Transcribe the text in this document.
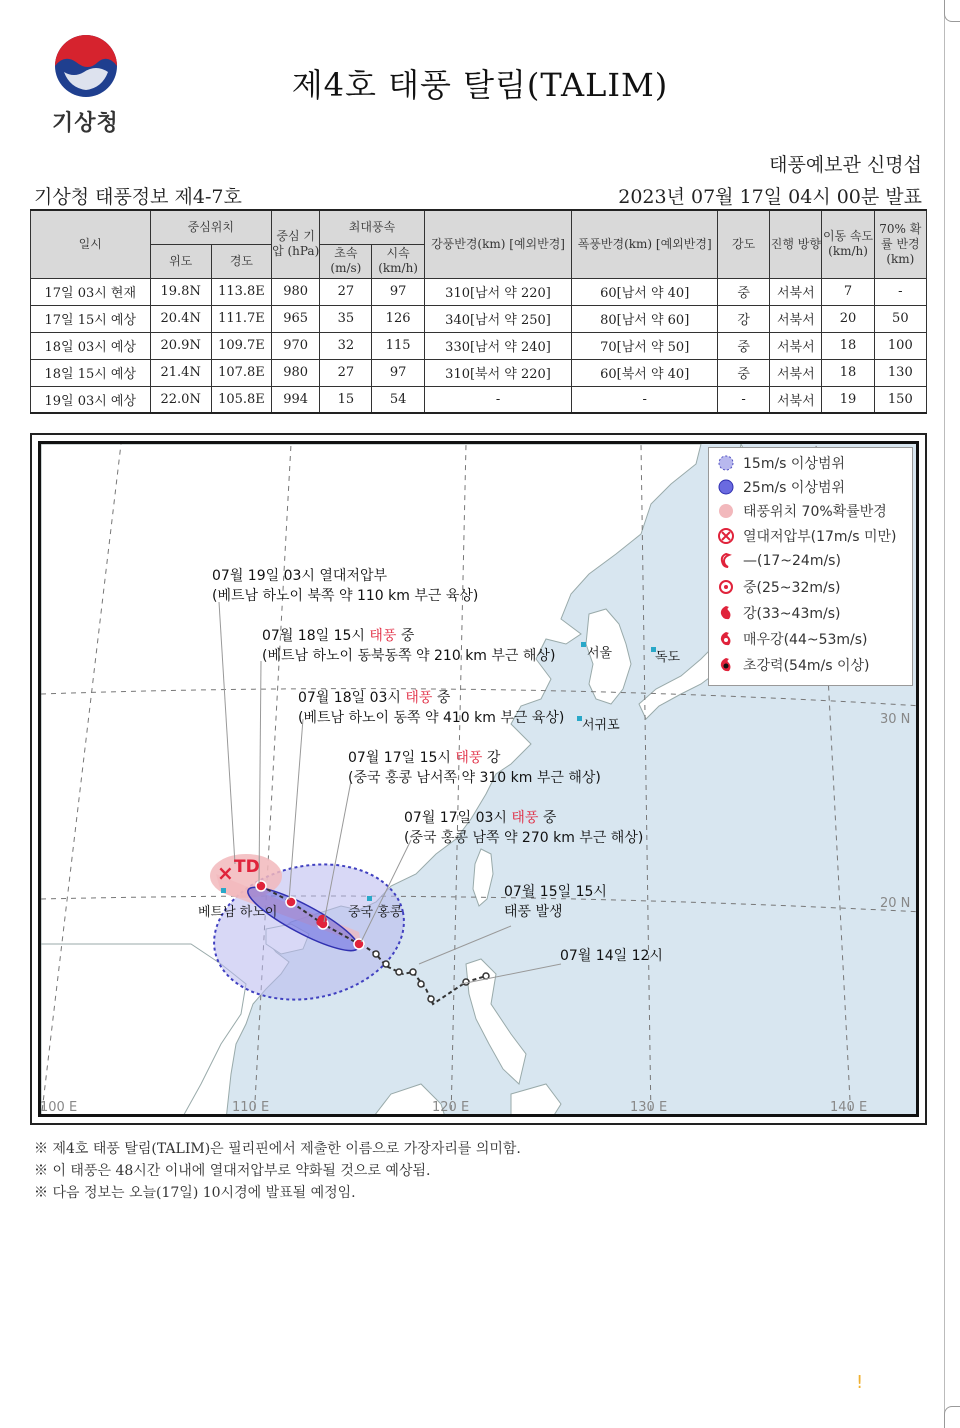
기상청
제4호 태풍 탈림(TALIM)
태풍예보관 신명섭
기상청 태풍정보 제4-7호	2023년 07월 17일 04시 00분 발표
일시	중심위치		중심 기압 (hPa)	최대풍속		강풍반경(km) [예외반경]	폭풍반경(km) [예외반경]	강도	진행 방향	이동 속도 (km/h)	70% 확률 반경 (km)
	위도	경도		초속 (m/s)	시속 (km/h)						
17일 03시 현재	19.8N	113.8E	980	27	97	310[남서 약 220]	60[남서 약 40]	중	서북서	7	-
17일 15시 예상	20.4N	111.7E	965	35	126	340[남서 약 250]	80[남서 약 60]	강	서북서	20	50
18일 03시 예상	20.9N	109.7E	970	32	115	330[남서 약 240]	70[남서 약 50]	중	서북서	18	100
18일 15시 예상	21.4N	107.8E	980	27	97	310[북서 약 220]	60[북서 약 40]	중	서북서	18	130
19일 03시 예상	22.0N	105.8E	994	15	54	-	-	-	서북서	19	150
×
30 N
20 N
100 E	110 E	120 E	130 E	140 E
서울	독도
서귀포
중국 홍콩
베트남 하노이
TD
07월 19일 03시 열대저압부
(베트남 하노이 북쪽 약 110 km 부근 육상)
07월 18일 15시 태풍 중
(베트남 하노이 동북동쪽 약 210 km 부근 해상)
07월 18일 03시 태풍 중
(베트남 하노이 동쪽 약 410 km 부근 육상)
07월 17일 15시 태풍 강
(중국 홍콩 남서쪽 약 310 km 부근 해상)
07월 17일 03시 태풍 중
(중국 홍콩 남쪽 약 270 km 부근 해상)
07월 15일 15시
태풍 발생
07월 14일 12시
15m/s 이상범위
25m/s 이상범위
태풍위치 70%확률반경
열대저압부(17m/s 미만)
—(17~24m/s)
중(25~32m/s)
강(33~43m/s)
매우강(44~53m/s)
초강력(54m/s 이상)
※ 제4호 태풍 탈림(TALIM)은 필리핀에서 제출한 이름으로 가장자리를 의미함.
※ 이 태풍은 48시간 이내에 열대저압부로 약화될 것으로 예상됨.
※ 다음 정보는 오늘(17일) 10시경에 발표될 예정임.
!
